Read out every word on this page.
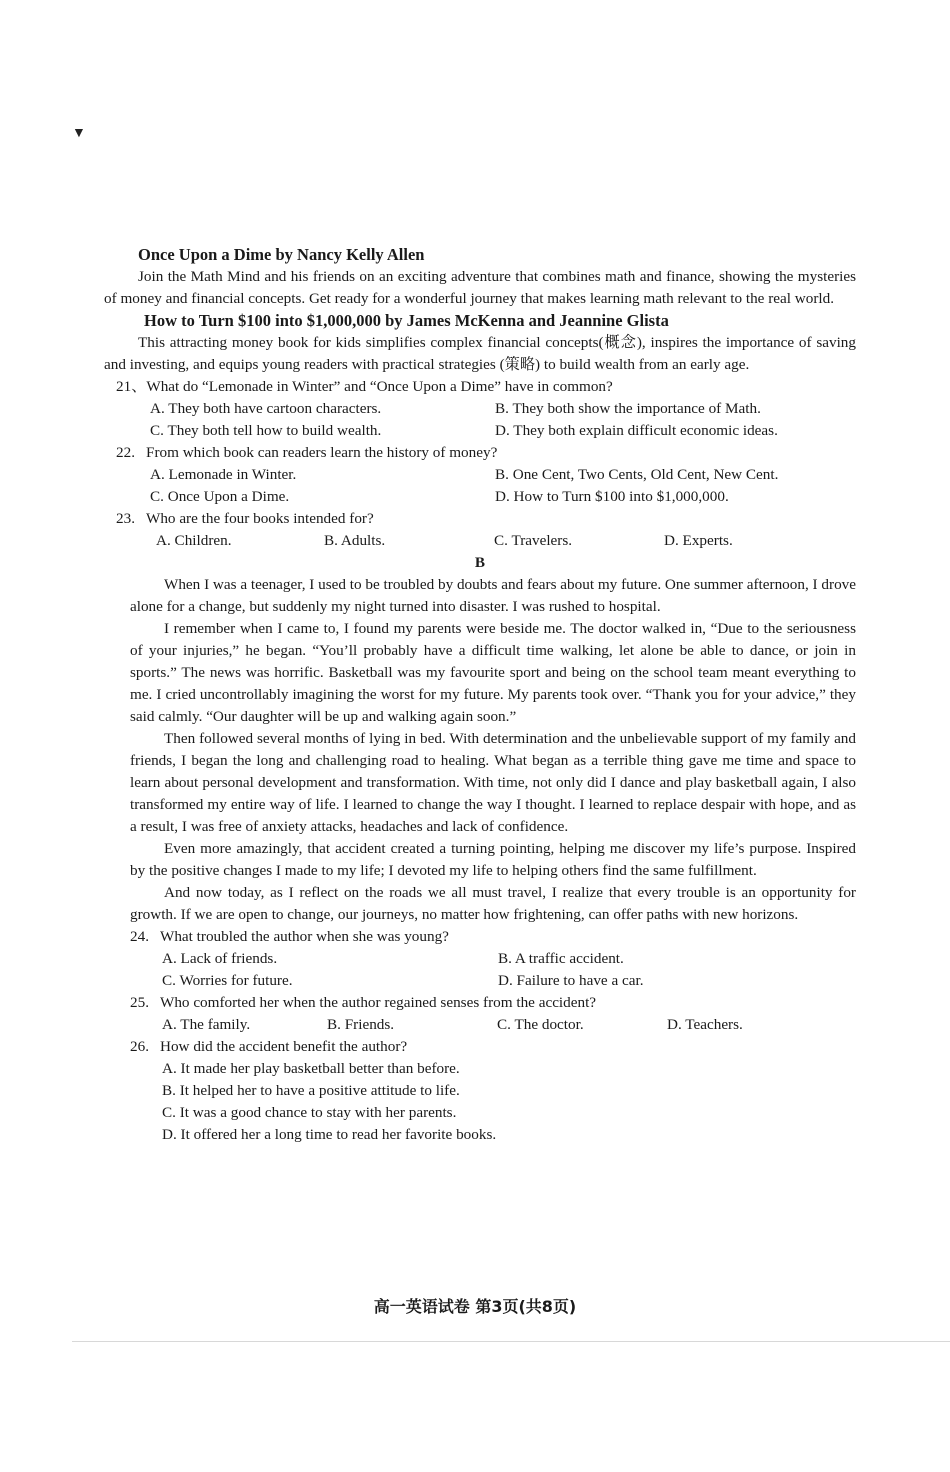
▼
Once Upon a Dime by Nancy Kelly Allen

Join the Math Mind and his friends on an exciting adventure that combines math and finance, showing the mysteries of money and financial concepts. Get ready for a wonderful journey that makes learning math relevant to the real world.

How to Turn $100 into $1,000,000 by James McKenna and Jeannine Glista

This attracting money book for kids simplifies complex financial concepts(概念), inspires the importance of saving and investing, and equips young readers with practical strategies (策略) to build wealth from an early age.

21、What do “Lemonade in Winter” and “Once Upon a Dime” have in common?
A. They both have cartoon characters.	B. They both show the importance of Math.
C. They both tell how to build wealth.	D. They both explain difficult economic ideas.
22. From which book can readers learn the history of money?
A. Lemonade in Winter.	B. One Cent, Two Cents, Old Cent, New Cent.
C. Once Upon a Dime.	D. How to Turn $100 into $1,000,000.
23. Who are the four books intended for?
A. Children.	B. Adults.	C. Travelers.	D. Experts.
B

When I was a teenager, I used to be troubled by doubts and fears about my future. One summer afternoon, I drove alone for a change, but suddenly my night turned into disaster. I was rushed to hospital.

I remember when I came to, I found my parents were beside me. The doctor walked in, “Due to the seriousness of your injuries,” he began. “You’ll probably have a difficult time walking, let alone be able to dance, or join in sports.” The news was horrific. Basketball was my favourite sport and being on the school team meant everything to me. I cried uncontrollably imagining the worst for my future. My parents took over. “Thank you for your advice,” they said calmly. “Our daughter will be up and walking again soon.”

Then followed several months of lying in bed. With determination and the unbelievable support of my family and friends, I began the long and challenging road to healing. What began as a terrible thing gave me time and space to learn about personal development and transformation. With time, not only did I dance and play basketball again, I also transformed my entire way of life. I learned to change the way I thought. I learned to replace despair with hope, and as a result, I was free of anxiety attacks, headaches and lack of confidence.

Even more amazingly, that accident created a turning pointing, helping me discover my life’s purpose. Inspired by the positive changes I made to my life; I devoted my life to helping others find the same fulfillment.

And now today, as I reflect on the roads we all must travel, I realize that every trouble is an opportunity for growth. If we are open to change, our journeys, no matter how frightening, can offer paths with new horizons.

24. What troubled the author when she was young?
A. Lack of friends.	B. A traffic accident.
C. Worries for future.	D. Failure to have a car.
25. Who comforted her when the author regained senses from the accident?
A. The family.	B. Friends.	C. The doctor.	D. Teachers.
26. How did the accident benefit the author?
A. It made her play basketball better than before.
B. It helped her to have a positive attitude to life.
C. It was a good chance to stay with her parents.
D. It offered her a long time to read her favorite books.
高一英语试卷 第3页(共8页)
